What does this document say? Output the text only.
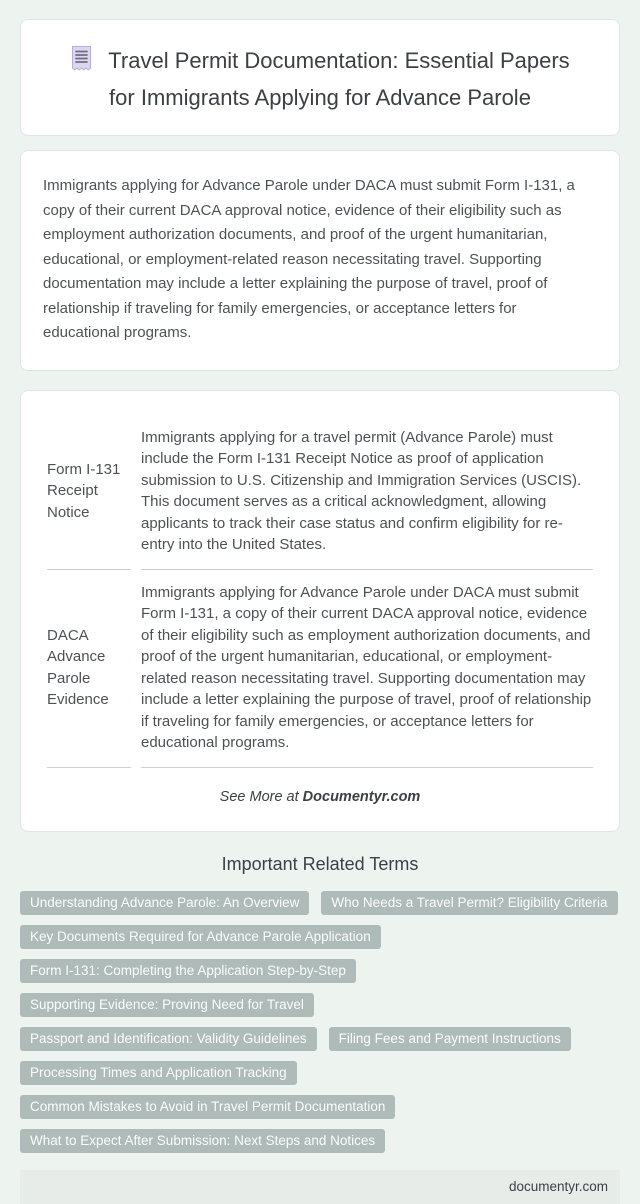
Travel Permit Documentation: Essential Papers for Immigrants Applying for Advance Parole

Immigrants applying for Advance Parole under DACA must submit Form I-131, a copy of their current DACA approval notice, evidence of their eligibility such as employment authorization documents, and proof of the urgent humanitarian, educational, or employment-related reason necessitating travel. Supporting documentation may include a letter explaining the purpose of travel, proof of relationship if traveling for family emergencies, or acceptance letters for educational programs.

Form I-131 Receipt Notice	Immigrants applying for a travel permit (Advance Parole) must include the Form I-131 Receipt Notice as proof of application submission to U.S. Citizenship and Immigration Services (USCIS). This document serves as a critical acknowledgment, allowing applicants to track their case status and confirm eligibility for re-entry into the United States.
DACA Advance Parole Evidence	Immigrants applying for Advance Parole under DACA must submit Form I-131, a copy of their current DACA approval notice, evidence of their eligibility such as employment authorization documents, and proof of the urgent humanitarian, educational, or employment-related reason necessitating travel. Supporting documentation may include a letter explaining the purpose of travel, proof of relationship if traveling for family emergencies, or acceptance letters for educational programs.
See More at Documentyr.com
Important Related Terms
Understanding Advance Parole: An Overview	Who Needs a Travel Permit? Eligibility Criteria
Key Documents Required for Advance Parole Application
Form I-131: Completing the Application Step-by-Step
Supporting Evidence: Proving Need for Travel
Passport and Identification: Validity Guidelines	Filing Fees and Payment Instructions
Processing Times and Application Tracking
Common Mistakes to Avoid in Travel Permit Documentation
What to Expect After Submission: Next Steps and Notices
documentyr.com
